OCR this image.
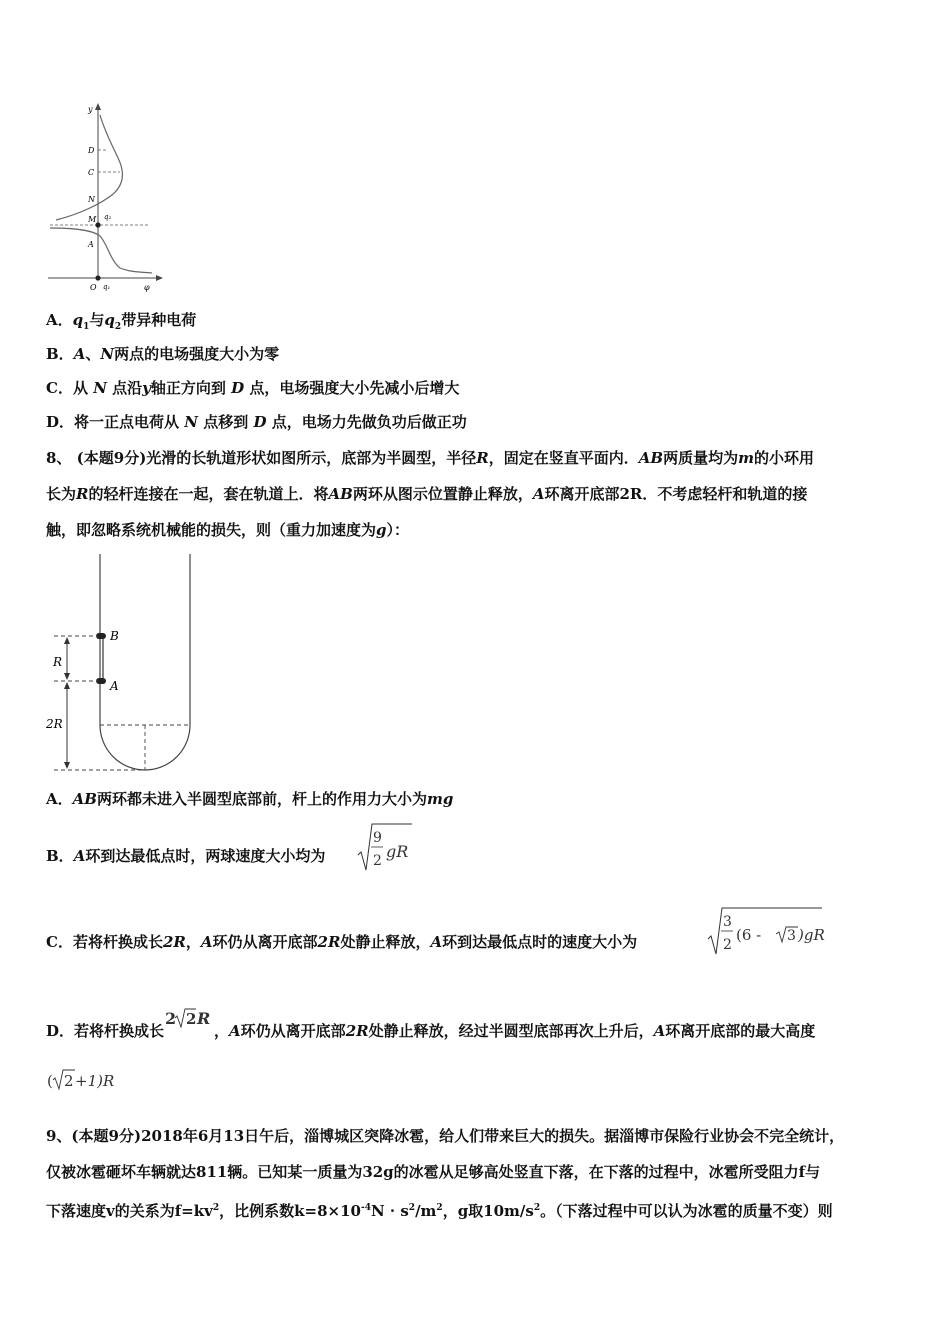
y
D
C
N
M q₂
A
O q₁	φ
A．$q_1$与$q_2$带异种电荷
B．A、N两点的电场强度大小为零
C．从 N 点沿y轴正方向到 D 点，电场强度大小先减小后增大
D．将一正点电荷从 N 点移到 D 点，电场力先做负功后做正功
8、 (本题9分)光滑的长轨道形状如图所示，底部为半圆型，半径R，固定在竖直平面内．AB两质量均为m的小环用
长为R的轻杆连接在一起，套在轨道上．将AB两环从图示位置静止释放，A环离开底部2R．不考虑轻杆和轨道的接
触，即忽略系统机械能的损失，则（重力加速度为g）：
B
R
A
2R
A．AB两环都未进入半圆型底部前，杆上的作用力大小为mg
B．A环到达最低点时，两球速度大小均为
9
2 gR
C．若将杆换成长2R，A环仍从离开底部2R处静止释放，A环到达最低点时的速度大小为
3
2
(6 - 3 )gR
D．若将杆换成长
2 2 R
，A环仍从离开底部2R处静止释放，经过半圆型底部再次上升后，A环离开底部的最大高度
( 2 +1)R
9、(本题9分)2018年6月13日午后，淄博城区突降冰雹，给人们带来巨大的损失。据淄博市保险行业协会不完全统计，
仅被冰雹砸坏车辆就达811辆。已知某一质量为32g的冰雹从足够高处竖直下落，在下落的过程中，冰雹所受阻力f与
下落速度v的关系为$f=kv^2$，比例系数$k=8\times 10^{-4}N \cdot s^2/m^2$，g取$10m/s^2$。（下落过程中可以认为冰雹的质量不变）则
